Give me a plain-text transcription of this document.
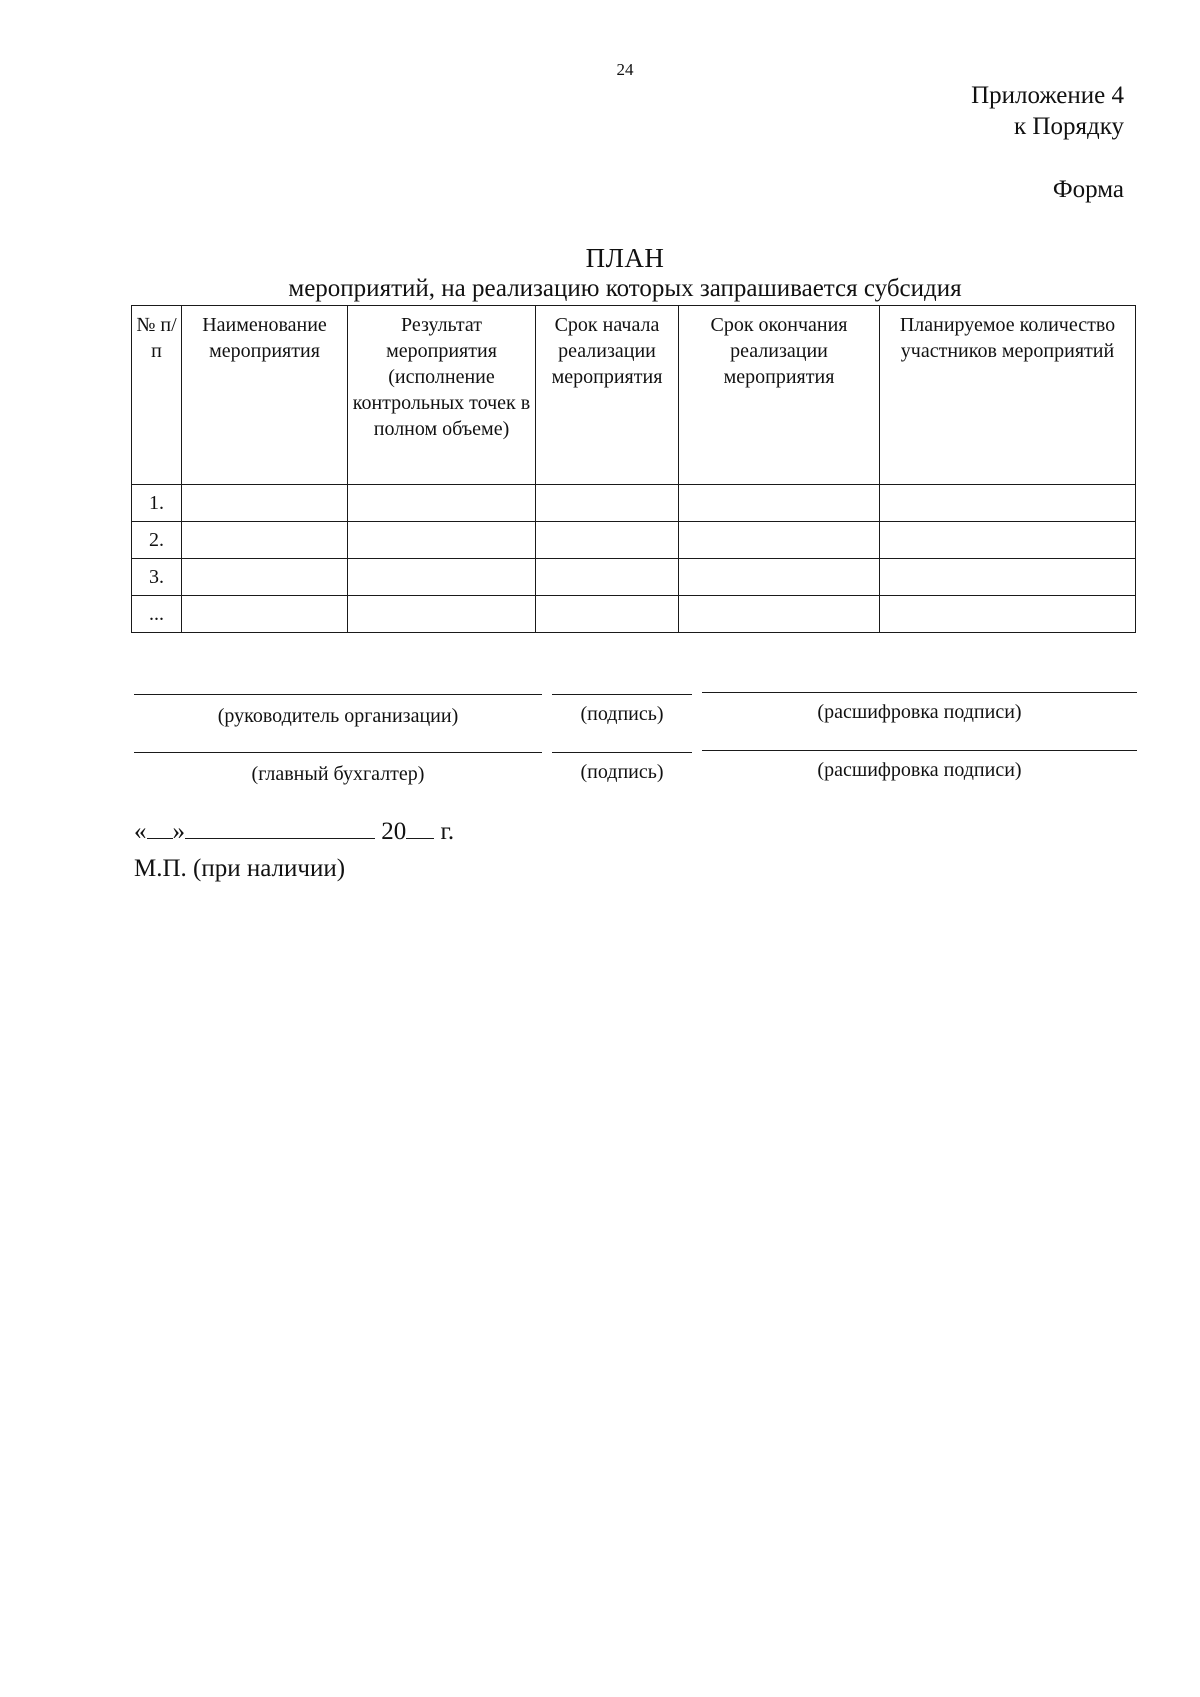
24
Приложение 4
к Порядку
Форма
ПЛАН
мероприятий, на реализацию которых запрашивается субсидия
№ п/п	Наименование мероприятия	Результат мероприятия (исполнение контрольных точек в полном объеме)	Срок начала реализации мероприятия	Срок окончания реализации мероприятия	Планируемое количество участников мероприятий
1.					
2.					
3.					
...					
(руководитель организации)	(подпись)	(расшифровка подписи)
(главный бухгалтер)	(подпись)	(расшифровка подписи)
« »	20 г.
М.П. (при наличии)
